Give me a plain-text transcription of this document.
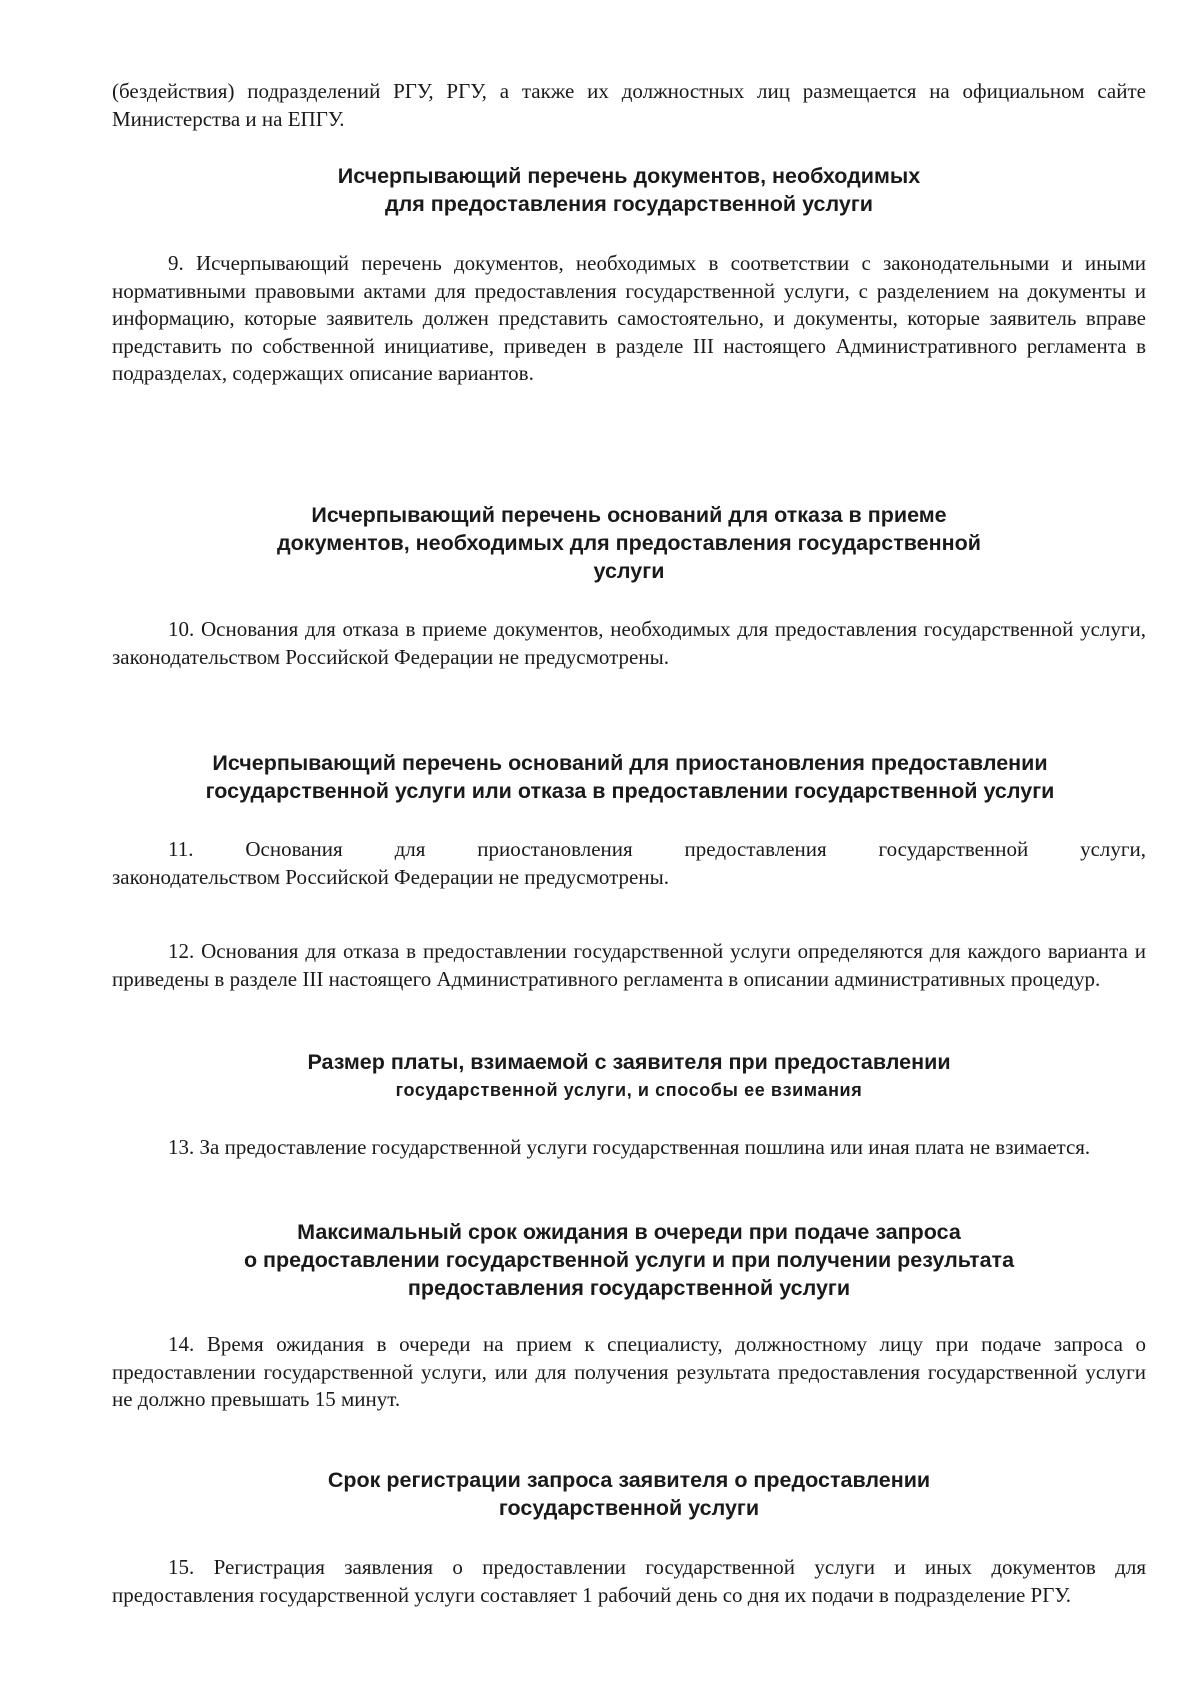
(бездействия) подразделений РГУ, РГУ, а также их должностных лиц размещается на официальном сайте Министерства и на ЕПГУ.

Исчерпывающий перечень документов, необходимых
для предоставления государственной услуги

9. Исчерпывающий перечень документов, необходимых в соответствии с законодательными и иными нормативными правовыми актами для предоставления государственной услуги, с разделением на документы и информацию, которые заявитель должен представить самостоятельно, и документы, которые заявитель вправе представить по собственной инициативе, приведен в разделе III настоящего Административного регламента в подразделах, содержащих описание вариантов.

Исчерпывающий перечень оснований для отказа в приеме
документов, необходимых для предоставления государственной
услуги

10. Основания для отказа в приеме документов, необходимых для предоставления государственной услуги, законодательством Российской Федерации не предусмотрены.

Исчерпывающий перечень оснований для приостановления предоставлении
государственной услуги или отказа в предоставлении государственной услуги

11. Основания для приостановления предоставления государственной услуги,

законодательством Российской Федерации не предусмотрены.

12. Основания для отказа в предоставлении государственной услуги определяются для каждого варианта и приведены в разделе III настоящего Административного регламента в описании административных процедур.

Размер платы, взимаемой с заявителя при предоставлении
государственной услуги, и способы ее взимания

13. За предоставление государственной услуги государственная пошлина или иная плата не взимается.

Максимальный срок ожидания в очереди при подаче запроса
о предоставлении государственной услуги и при получении результата
предоставления государственной услуги

14. Время ожидания в очереди на прием к специалисту, должностному лицу при подаче запроса о предоставлении государственной услуги, или для получения результата предоставления государственной услуги не должно превышать 15 минут.

Срок регистрации запроса заявителя о предоставлении
государственной услуги

15. Регистрация заявления о предоставлении государственной услуги и иных документов для предоставления государственной услуги составляет 1 рабочий день со дня их подачи в подразделение РГУ.
